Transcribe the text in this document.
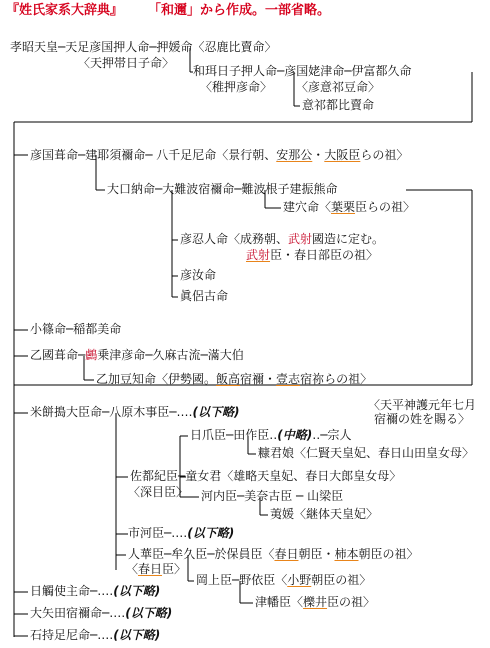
『姓氏家系大辞典』 「和邇」から作成。一部省略。
孝昭天皇─天足彦国押人命─押媛命〈忍鹿比賣命〉
〈天押帯日子命〉
和珥日子押人命─彦国姥津命─伊富都久命
〈稚押彦命〉 〈彦意祁豆命〉
意祁都比賣命
彦国葺命─建耶須禰命─ 八千足尼命〈景行朝、安那公・大阪臣らの祖〉
大口納命─大難波宿禰命─難波根子建振熊命
建穴命〈葉栗臣らの祖〉
彦忍人命〈成務朝、武射國造に定む。
武射臣・春日部臣の祖〉
彦汝命
眞侶古命
小篠命─稲都美命
乙國葺命─鸕乗津彦命─久麻古流─滿大伯
乙加豆知命〈伊勢國。飯高宿禰・壹志宿祢らの祖〉
米餅搗大臣命─八原木事臣─‥‥(以下略)	〈天平神護元年七月
宿禰の姓を賜る〉
日爪臣─田作臣‥(中略)‥─宗人
糠君娘〈仁賢天皇妃、春日山田皇女母〉
佐都紀臣─童女君〈雄略天皇妃、春日大郎皇女母〉
〈深目臣〉 河内臣─美奈古臣 ─ 山梁臣
荑媛〈継体天皇妃〉
市河臣─‥‥(以下略)
人華臣─牟久臣─於保員臣〈春日朝臣・柿本朝臣の祖〉
〈春日臣〉
日觸使主命─‥‥(以下略)
岡上臣─野依臣〈小野朝臣の祖〉
大矢田宿禰命─‥‥(以下略)
津幡臣〈櫟井臣の祖〉
石持足尼命─‥‥(以下略)
